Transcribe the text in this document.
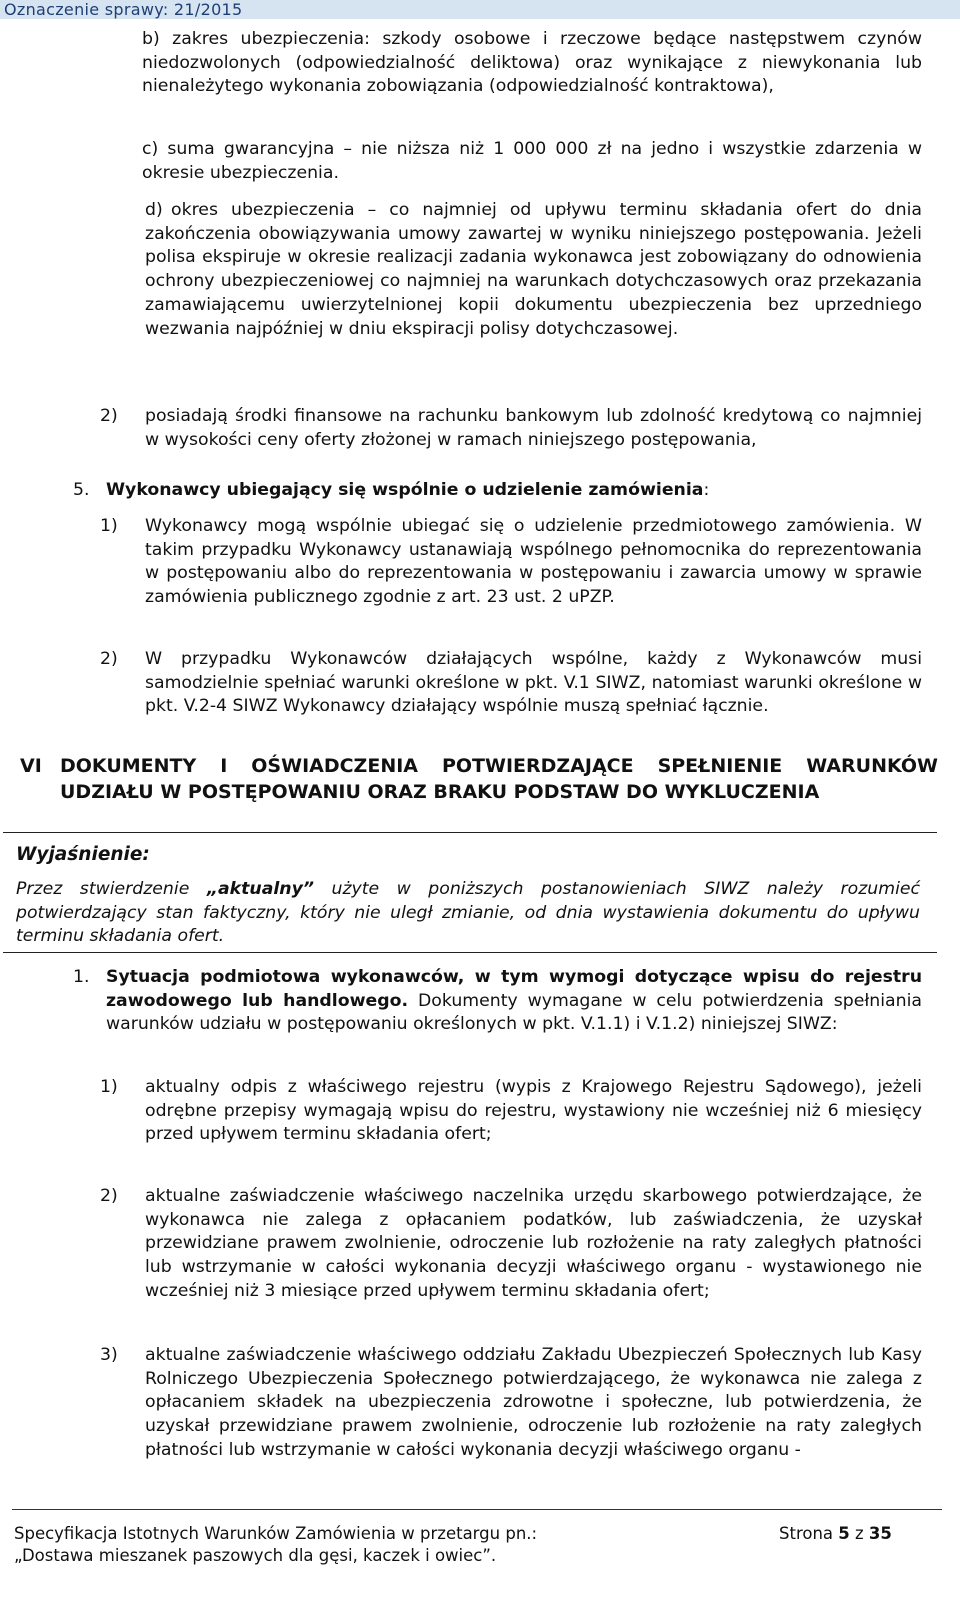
Oznaczenie sprawy: 21/2015

b) zakres ubezpieczenia: szkody osobowe i rzeczowe będące następstwem czynów niedozwolonych (odpowiedzialność deliktowa) oraz wynikające z niewykonania lub nienależytego wykonania zobowiązania (odpowiedzialność kontraktowa),

c) suma gwarancyjna – nie niższa niż 1 000 000 zł na jedno i wszystkie zdarzenia w okresie ubezpieczenia.

d) okres ubezpieczenia – co najmniej od upływu terminu składania ofert do dnia zakończenia obowiązywania umowy zawartej w wyniku niniejszego postępowania. Jeżeli polisa ekspiruje w okresie realizacji zadania wykonawca jest zobowiązany do odnowienia ochrony ubezpieczeniowej co najmniej na warunkach dotychczasowych oraz przekazania zamawiającemu uwierzytelnionej kopii dokumentu ubezpieczenia bez uprzedniego wezwania najpóźniej w dniu ekspiracji polisy dotychczasowej.

2) posiadają środki finansowe na rachunku bankowym lub zdolność kredytową co najmniej w wysokości ceny oferty złożonej w ramach niniejszego postępowania,

5. Wykonawcy ubiegający się wspólnie o udzielenie zamówienia:

1) Wykonawcy mogą wspólnie ubiegać się o udzielenie przedmiotowego zamówienia. W takim przypadku Wykonawcy ustanawiają wspólnego pełnomocnika do reprezentowania w postępowaniu albo do reprezentowania w postępowaniu i zawarcia umowy w sprawie zamówienia publicznego zgodnie z art. 23 ust. 2 uPZP.

2) W przypadku Wykonawców działających wspólne, każdy z Wykonawców musi samodzielnie spełniać warunki określone w pkt. V.1 SIWZ, natomiast warunki określone w pkt. V.2-4 SIWZ Wykonawcy działający wspólnie muszą spełniać łącznie.

VI DOKUMENTY I OŚWIADCZENIA POTWIERDZAJĄCE SPEŁNIENIE WARUNKÓW UDZIAŁU W POSTĘPOWANIU ORAZ BRAKU PODSTAW DO WYKLUCZENIA

Wyjaśnienie:

Przez stwierdzenie „aktualny” użyte w poniższych postanowieniach SIWZ należy rozumieć potwierdzający stan faktyczny, który nie uległ zmianie, od dnia wystawienia dokumentu do upływu terminu składania ofert.

1. Sytuacja podmiotowa wykonawców, w tym wymogi dotyczące wpisu do rejestru zawodowego lub handlowego. Dokumenty wymagane w celu potwierdzenia spełniania warunków udziału w postępowaniu określonych w pkt. V.1.1) i V.1.2) niniejszej SIWZ:

1) aktualny odpis z właściwego rejestru (wypis z Krajowego Rejestru Sądowego), jeżeli odrębne przepisy wymagają wpisu do rejestru, wystawiony nie wcześniej niż 6 miesięcy przed upływem terminu składania ofert;

2) aktualne zaświadczenie właściwego naczelnika urzędu skarbowego potwierdzające, że wykonawca nie zalega z opłacaniem podatków, lub zaświadczenia, że uzyskał przewidziane prawem zwolnienie, odroczenie lub rozłożenie na raty zaległych płatności lub wstrzymanie w całości wykonania decyzji właściwego organu - wystawionego nie wcześniej niż 3 miesiące przed upływem terminu składania ofert;

3) aktualne zaświadczenie właściwego oddziału Zakładu Ubezpieczeń Społecznych lub Kasy Rolniczego Ubezpieczenia Społecznego potwierdzającego, że wykonawca nie zalega z opłacaniem składek na ubezpieczenia zdrowotne i społeczne, lub potwierdzenia, że uzyskał przewidziane prawem zwolnienie, odroczenie lub rozłożenie na raty zaległych płatności lub wstrzymanie w całości wykonania decyzji właściwego organu -

Specyfikacja Istotnych Warunków Zamówienia w przetargu pn.:
„Dostawa mieszanek paszowych dla gęsi, kaczek i owiec”.
Strona 5 z 35
